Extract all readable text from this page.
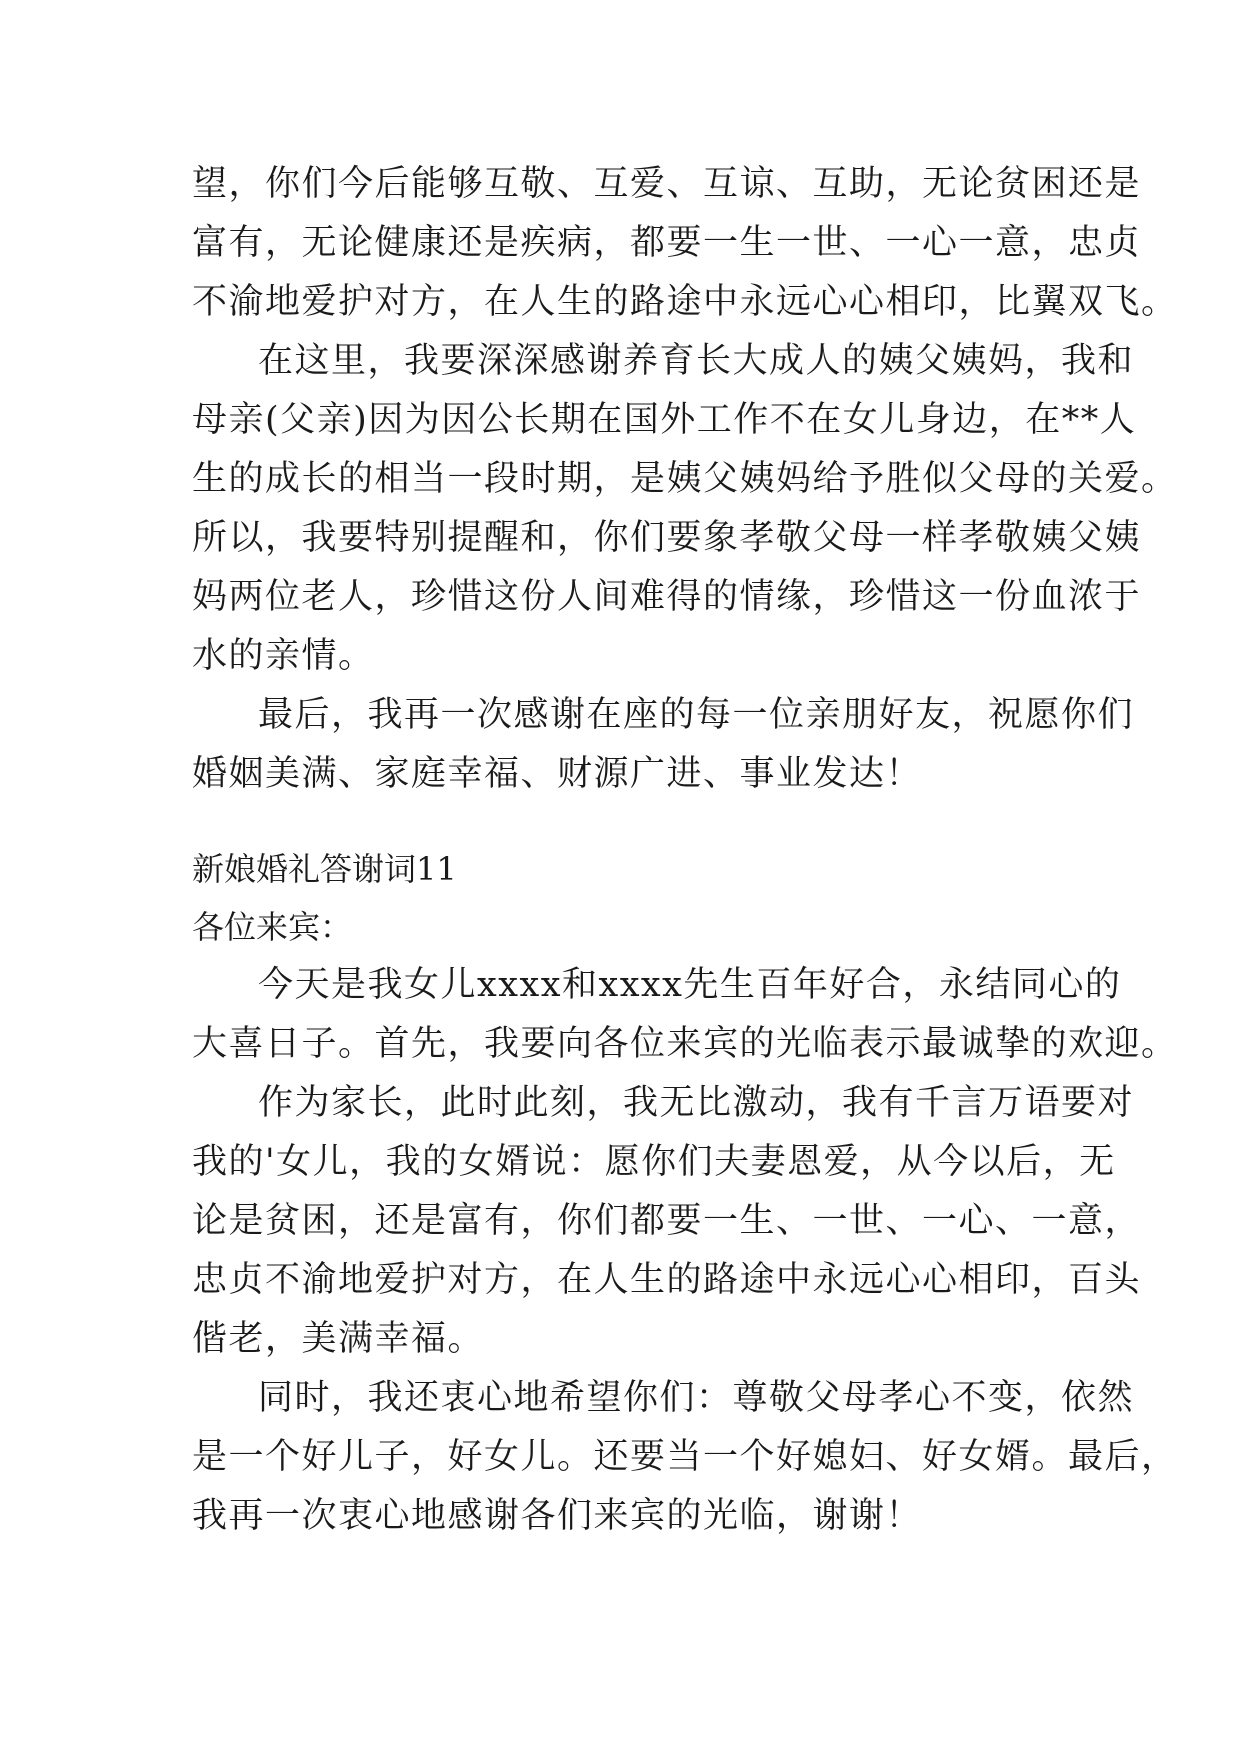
望，你们今后能够互敬、互爱、互谅、互助，无论贫困还是
富有，无论健康还是疾病，都要一生一世、一心一意，忠贞
不渝地爱护对方，在人生的路途中永远心心相印，比翼双飞。
在这里，我要深深感谢养育长大成人的姨父姨妈，我和
母亲(父亲)因为因公长期在国外工作不在女儿身边，在**人
生的成长的相当一段时期，是姨父姨妈给予胜似父母的关爱。
所以，我要特别提醒和，你们要象孝敬父母一样孝敬姨父姨
妈两位老人，珍惜这份人间难得的情缘，珍惜这一份血浓于
水的亲情。
最后，我再一次感谢在座的每一位亲朋好友，祝愿你们
婚姻美满、家庭幸福、财源广进、事业发达！
新娘婚礼答谢词11
各位来宾：
今天是我女儿xxxx和xxxx先生百年好合，永结同心的
大喜日子。首先，我要向各位来宾的光临表示最诚挚的欢迎。
作为家长，此时此刻，我无比激动，我有千言万语要对
我的'女儿，我的女婿说：愿你们夫妻恩爱，从今以后，无
论是贫困，还是富有，你们都要一生、一世、一心、一意，
忠贞不渝地爱护对方，在人生的路途中永远心心相印，百头
偕老，美满幸福。
同时，我还衷心地希望你们：尊敬父母孝心不变，依然
是一个好儿子，好女儿。还要当一个好媳妇、好女婿。最后，
我再一次衷心地感谢各们来宾的光临，谢谢！
